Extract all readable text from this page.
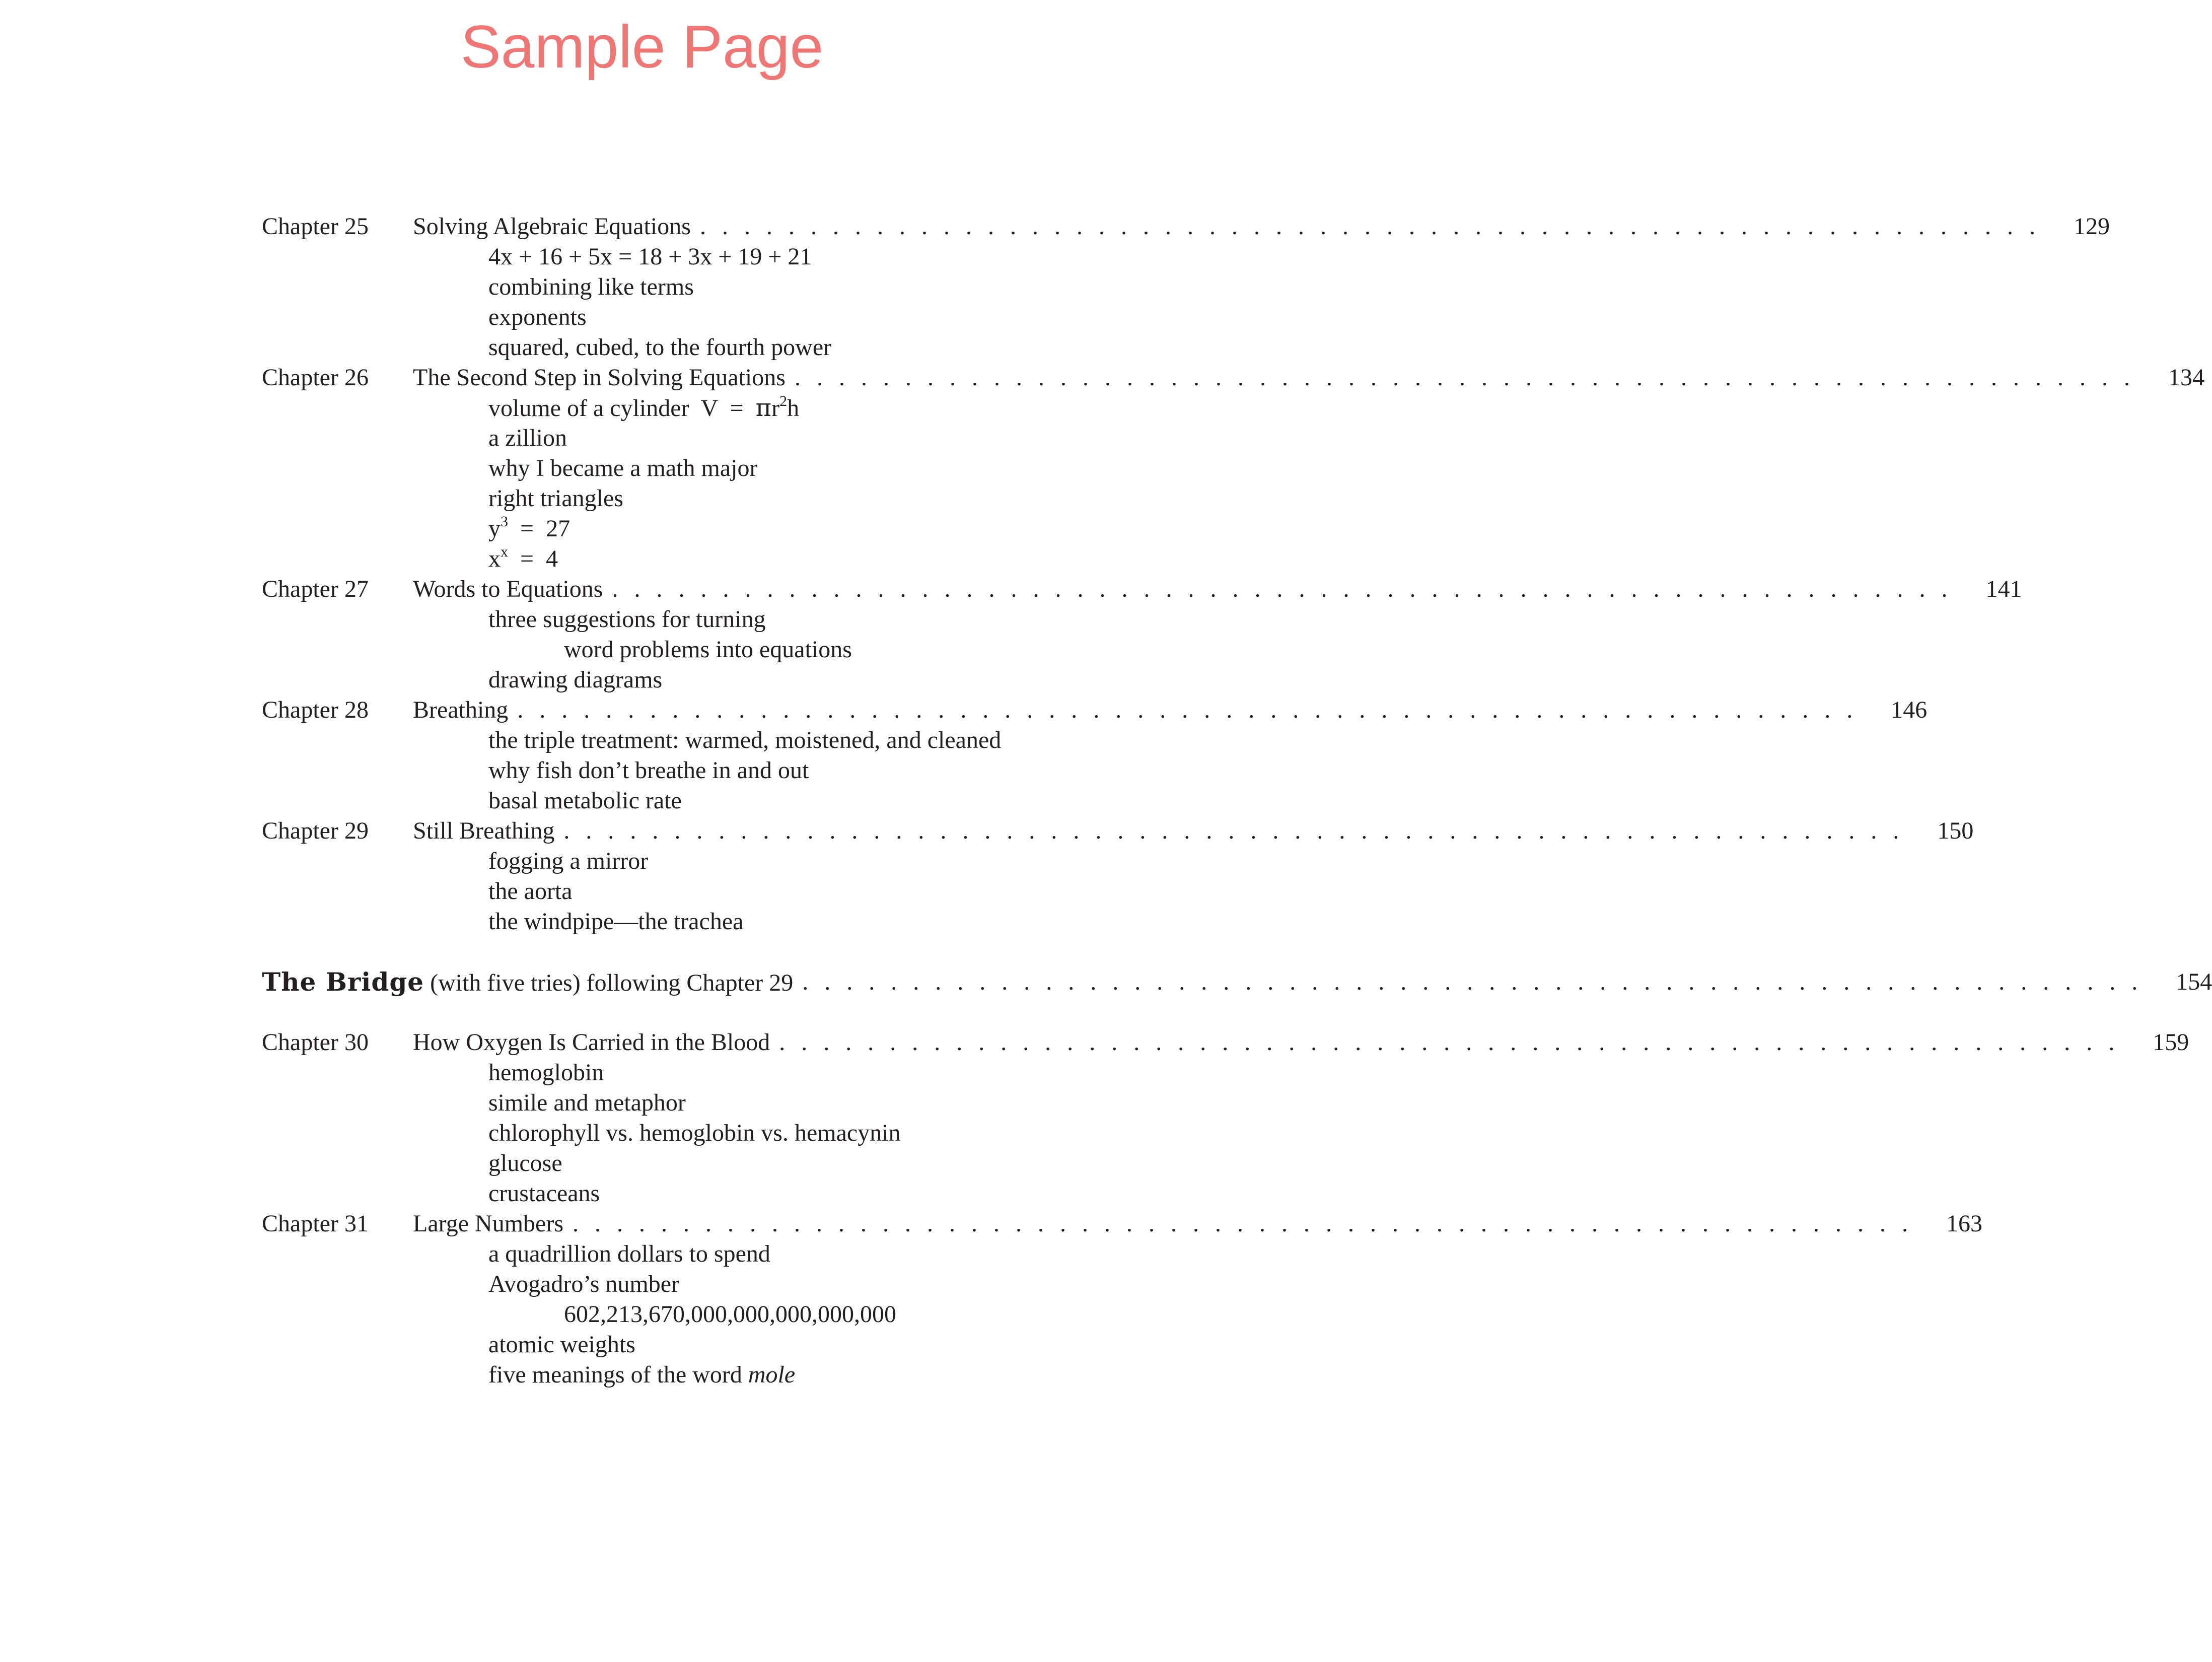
Sample Page
Chapter 25 Solving Algebraic Equations . . . . . . . . . . . . . . . . . . . . . . . . . . . . . . . . . . . . . . . . . . . . . . . . . . . . . . . . . . . . .	129
4x + 16 + 5x = 18 + 3x + 19 + 21
combining like terms
exponents
squared, cubed, to the fourth power
Chapter 26 The Second Step in Solving Equations . . . . . . . . . . . . . . . . . . . . . . . . . . . . . . . . . . . . . . . . . . . . . . . . . . . . . . . . . . . . .	134
volume of a cylinder  $V = \pi r^2h$
a zillion
why I became a math major
right triangles
$y^3 = 27$
$x^x = 4$
Chapter 27 Words to Equations . . . . . . . . . . . . . . . . . . . . . . . . . . . . . . . . . . . . . . . . . . . . . . . . . . . . . . . . . . . . .	141
three suggestions for turning
word problems into equations
drawing diagrams
Chapter 28 Breathing . . . . . . . . . . . . . . . . . . . . . . . . . . . . . . . . . . . . . . . . . . . . . . . . . . . . . . . . . . . . .	146
the triple treatment: warmed, moistened, and cleaned
why fish don’t breathe in and out
basal metabolic rate
Chapter 29 Still Breathing . . . . . . . . . . . . . . . . . . . . . . . . . . . . . . . . . . . . . . . . . . . . . . . . . . . . . . . . . . . . .	150
fogging a mirror
the aorta
the windpipe—the trachea
The Bridge (with five tries) following Chapter 29 . . . . . . . . . . . . . . . . . . . . . . . . . . . . . . . . . . . . . . . . . . . . . . . . . . . . . . . . . . . . .	154
Chapter 30 How Oxygen Is Carried in the Blood . . . . . . . . . . . . . . . . . . . . . . . . . . . . . . . . . . . . . . . . . . . . . . . . . . . . . . . . . . . . .	159
hemoglobin
simile and metaphor
chlorophyll vs. hemoglobin vs. hemacynin
glucose
crustaceans
Chapter 31 Large Numbers . . . . . . . . . . . . . . . . . . . . . . . . . . . . . . . . . . . . . . . . . . . . . . . . . . . . . . . . . . . . .	163
a quadrillion dollars to spend
Avogadro’s number
602,213,670,000,000,000,000,000
atomic weights
five meanings of the word mole
